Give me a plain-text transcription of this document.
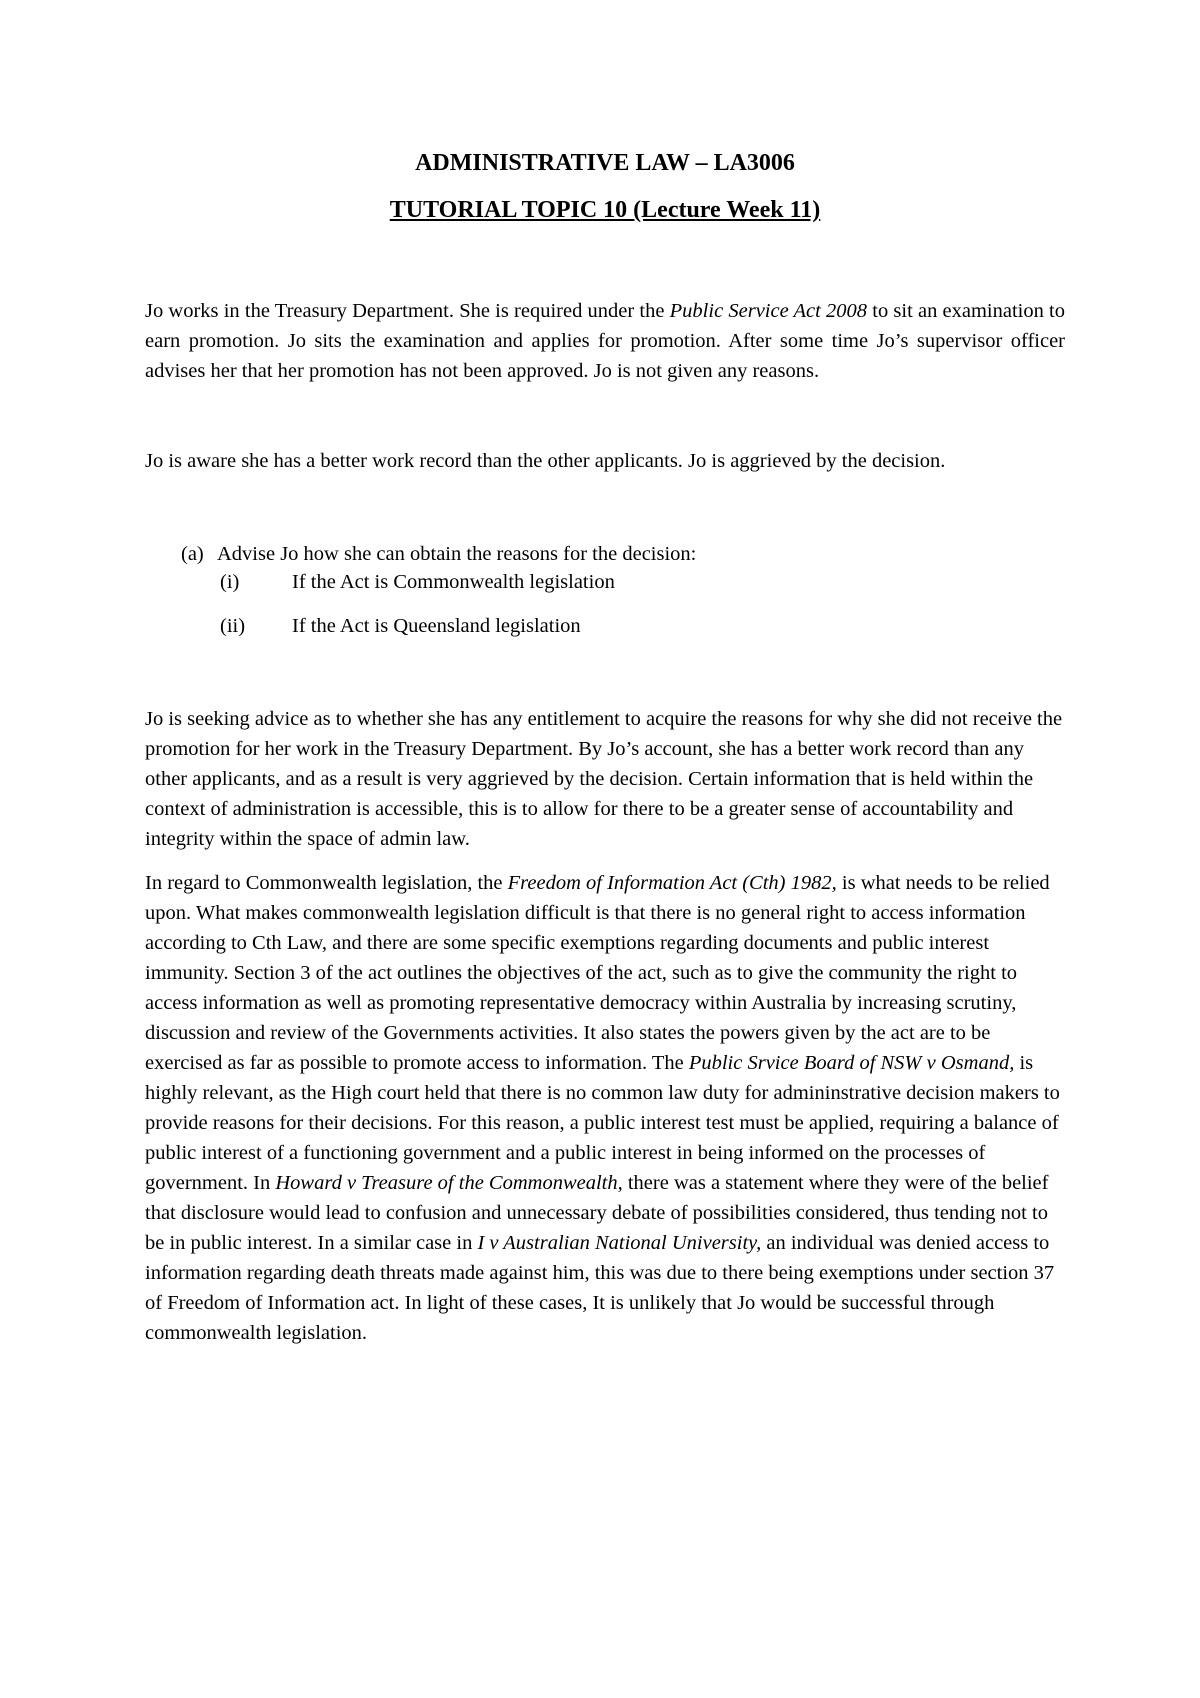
ADMINISTRATIVE LAW – LA3006
TUTORIAL TOPIC 10 (Lecture Week 11)

Jo works in the Treasury Department. She is required under the Public Service Act 2008 to sit an examination to earn promotion. Jo sits the examination and applies for promotion. After some time Jo’s supervisor officer advises her that her promotion has not been approved. Jo is not given any reasons.

Jo is aware she has a better work record than the other applicants. Jo is aggrieved by the decision.

(a) Advise Jo how she can obtain the reasons for the decision:
(i)	If the Act is Commonwealth legislation
(ii)	If the Act is Queensland legislation

Jo is seeking advice as to whether she has any entitlement to acquire the reasons for why she did not receive the promotion for her work in the Treasury Department. By Jo’s account, she has a better work record than any other applicants, and as a result is very aggrieved by the decision. Certain information that is held within the context of administration is accessible, this is to allow for there to be a greater sense of accountability and integrity within the space of admin law.

In regard to Commonwealth legislation, the Freedom of Information Act (Cth) 1982, is what needs to be relied upon. What makes commonwealth legislation difficult is that there is no general right to access information according to Cth Law, and there are some specific exemptions regarding documents and public interest immunity. Section 3 of the act outlines the objectives of the act, such as to give the community the right to access information as well as promoting representative democracy within Australia by increasing scrutiny, discussion and review of the Governments activities. It also states the powers given by the act are to be exercised as far as possible to promote access to information. The Public Srvice Board of NSW v Osmand, is highly relevant, as the High court held that there is no common law duty for admininstrative decision makers to provide reasons for their decisions. For this reason, a public interest test must be applied, requiring a balance of public interest of a functioning government and a public interest in being informed on the processes of government. In Howard v Treasure of the Commonwealth, there was a statement where they were of the belief that disclosure would lead to confusion and unnecessary debate of possibilities considered, thus tending not to be in public interest. In a similar case in I v Australian National University, an individual was denied access to information regarding death threats made against him, this was due to there being exemptions under section 37 of Freedom of Information act. In light of these cases, It is unlikely that Jo would be successful through commonwealth legislation.
